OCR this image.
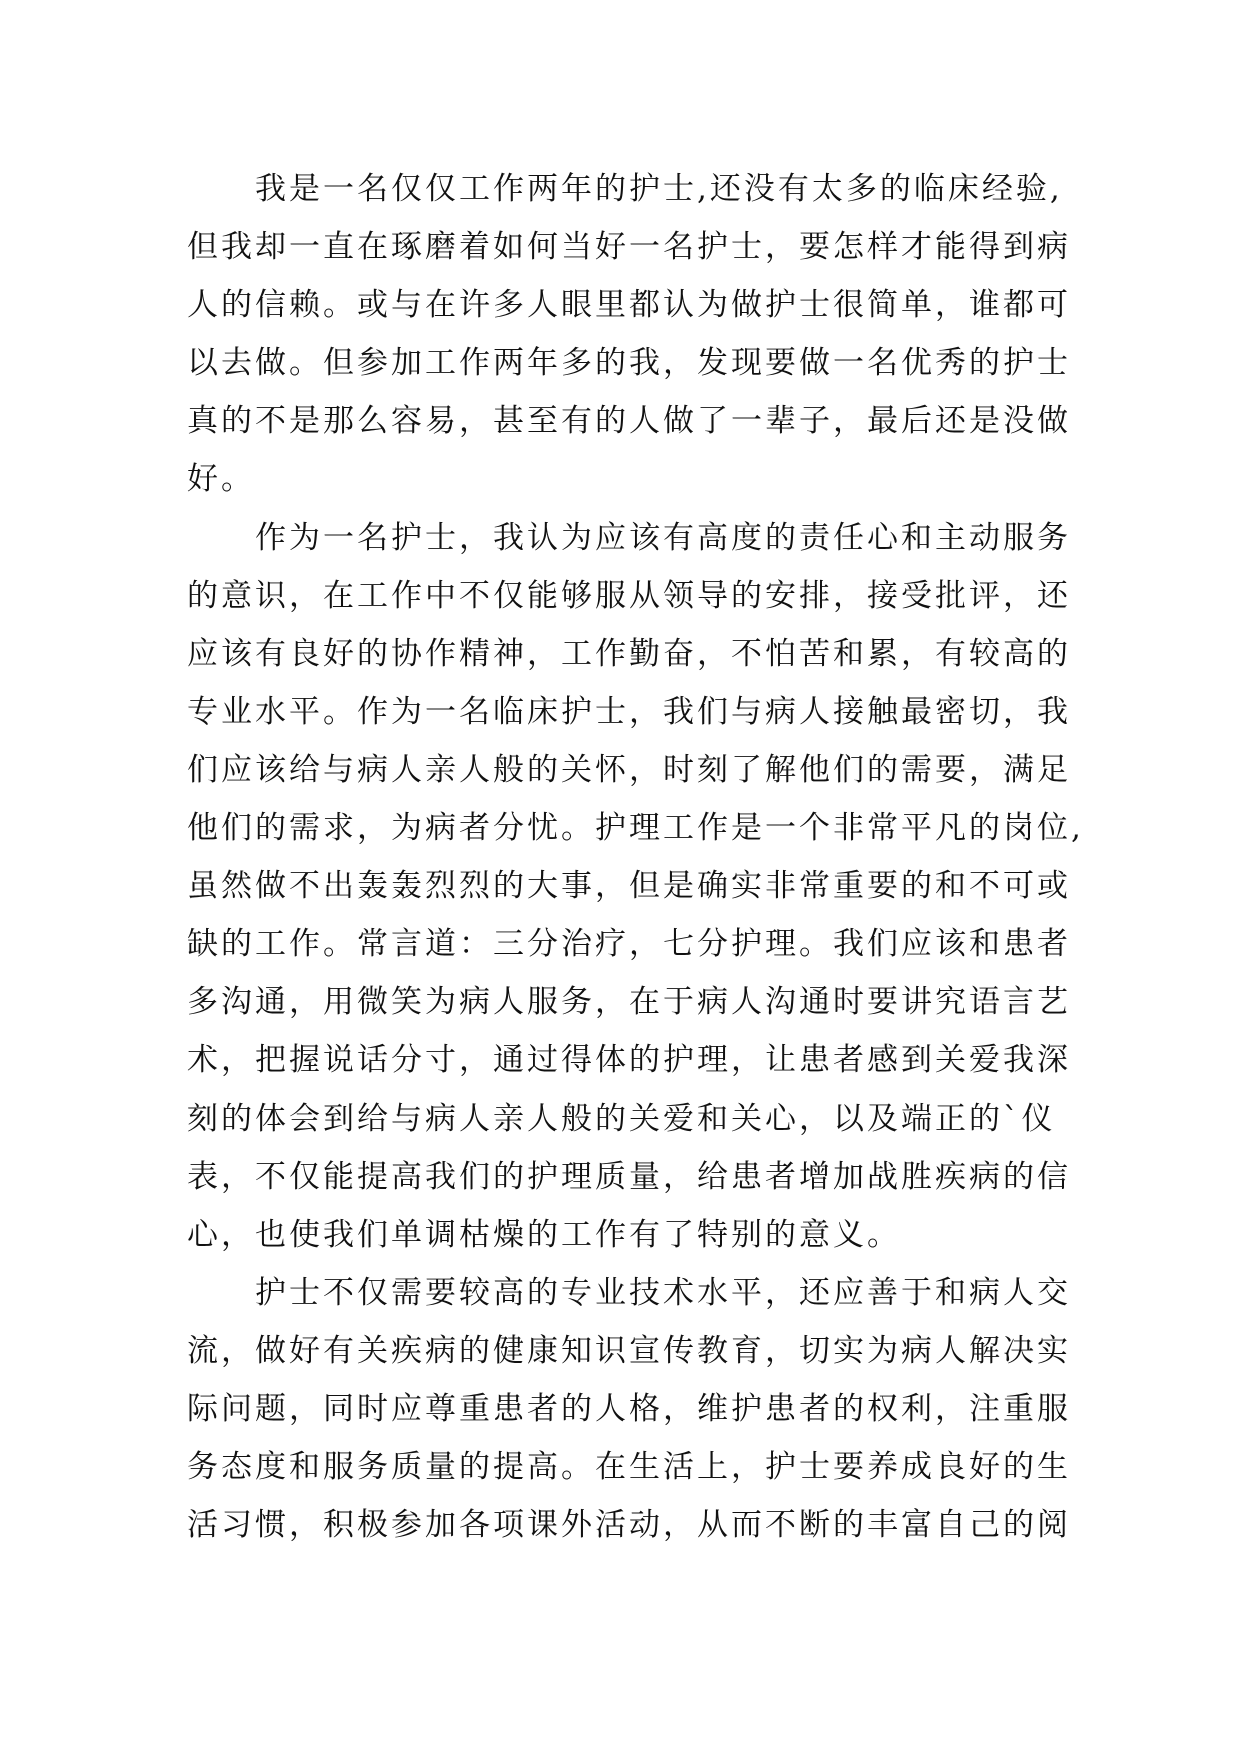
我是一名仅仅工作两年的护士,还没有太多的临床经验,
但我却一直在琢磨着如何当好一名护士，要怎样才能得到病
人的信赖。或与在许多人眼里都认为做护士很简单，谁都可
以去做。但参加工作两年多的我，发现要做一名优秀的护士
真的不是那么容易，甚至有的人做了一辈子，最后还是没做
好。
作为一名护士，我认为应该有高度的责任心和主动服务
的意识，在工作中不仅能够服从领导的安排，接受批评，还
应该有良好的协作精神，工作勤奋，不怕苦和累，有较高的
专业水平。作为一名临床护士，我们与病人接触最密切，我
们应该给与病人亲人般的关怀，时刻了解他们的需要，满足
他们的需求，为病者分忧。护理工作是一个非常平凡的岗位,
虽然做不出轰轰烈烈的大事，但是确实非常重要的和不可或
缺的工作。常言道：三分治疗，七分护理。我们应该和患者
多沟通，用微笑为病人服务，在于病人沟通时要讲究语言艺
术，把握说话分寸，通过得体的护理，让患者感到关爱我深
刻的体会到给与病人亲人般的关爱和关心，以及端正的`仪
表，不仅能提高我们的护理质量，给患者增加战胜疾病的信
心，也使我们单调枯燥的工作有了特别的意义。
护士不仅需要较高的专业技术水平，还应善于和病人交
流，做好有关疾病的健康知识宣传教育，切实为病人解决实
际问题，同时应尊重患者的人格，维护患者的权利，注重服
务态度和服务质量的提高。在生活上，护士要养成良好的生
活习惯，积极参加各项课外活动，从而不断的丰富自己的阅
